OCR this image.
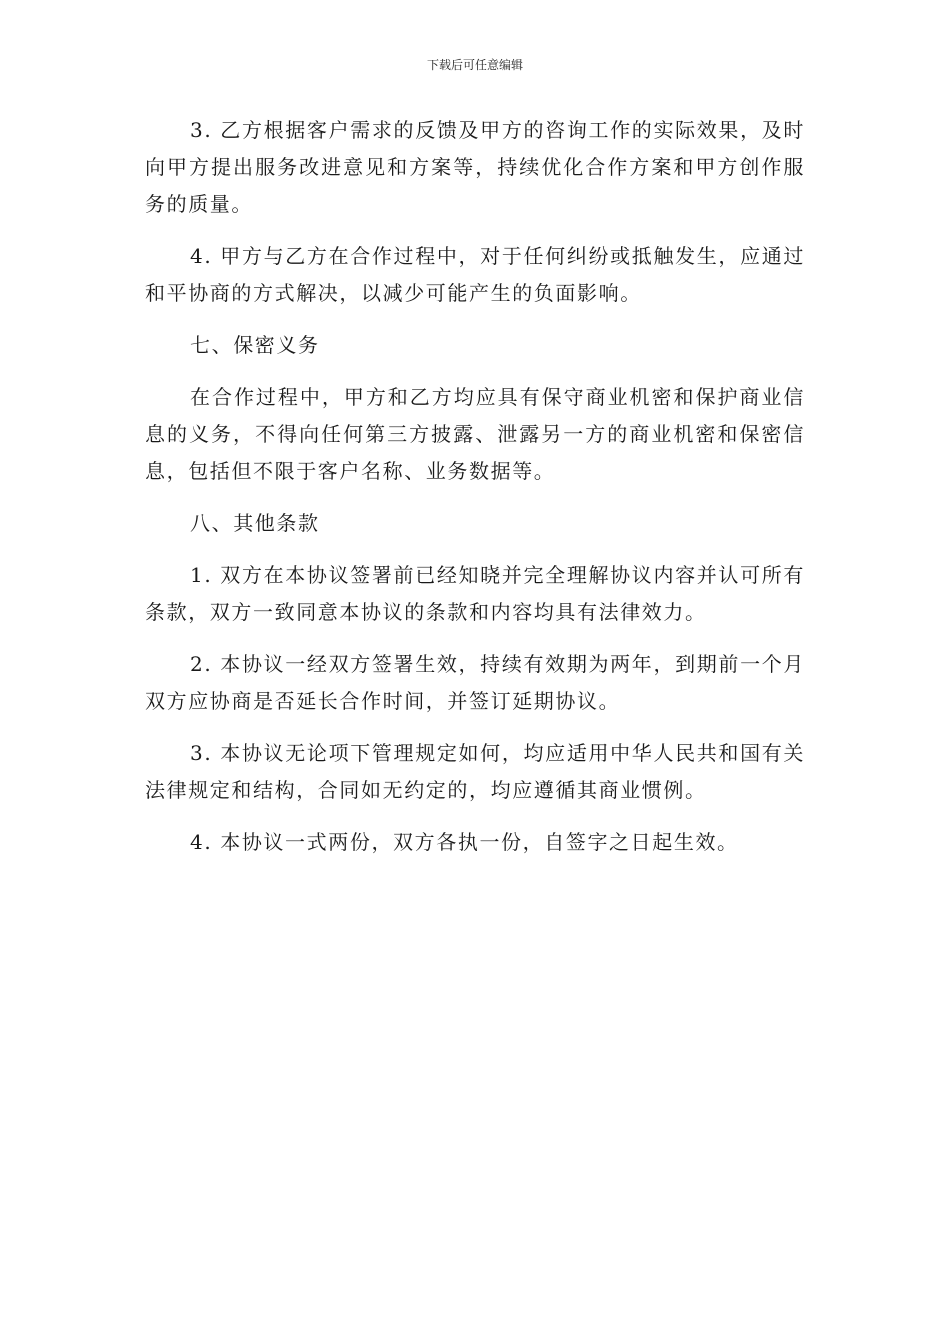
下载后可任意编辑

3. 乙方根据客户需求的反馈及甲方的咨询工作的实际效果，及时向甲方提出服务改进意见和方案等，持续优化合作方案和甲方创作服务的质量。

4. 甲方与乙方在合作过程中，对于任何纠纷或抵触发生，应通过和平协商的方式解决，以减少可能产生的负面影响。

七、保密义务

在合作过程中，甲方和乙方均应具有保守商业机密和保护商业信息的义务，不得向任何第三方披露、泄露另一方的商业机密和保密信息，包括但不限于客户名称、业务数据等。

八、其他条款

1. 双方在本协议签署前已经知晓并完全理解协议内容并认可所有条款，双方一致同意本协议的条款和内容均具有法律效力。

2. 本协议一经双方签署生效，持续有效期为两年，到期前一个月双方应协商是否延长合作时间，并签订延期协议。

3. 本协议无论项下管理规定如何，均应适用中华人民共和国有关法律规定和结构，合同如无约定的，均应遵循其商业惯例。

4. 本协议一式两份，双方各执一份，自签字之日起生效。
